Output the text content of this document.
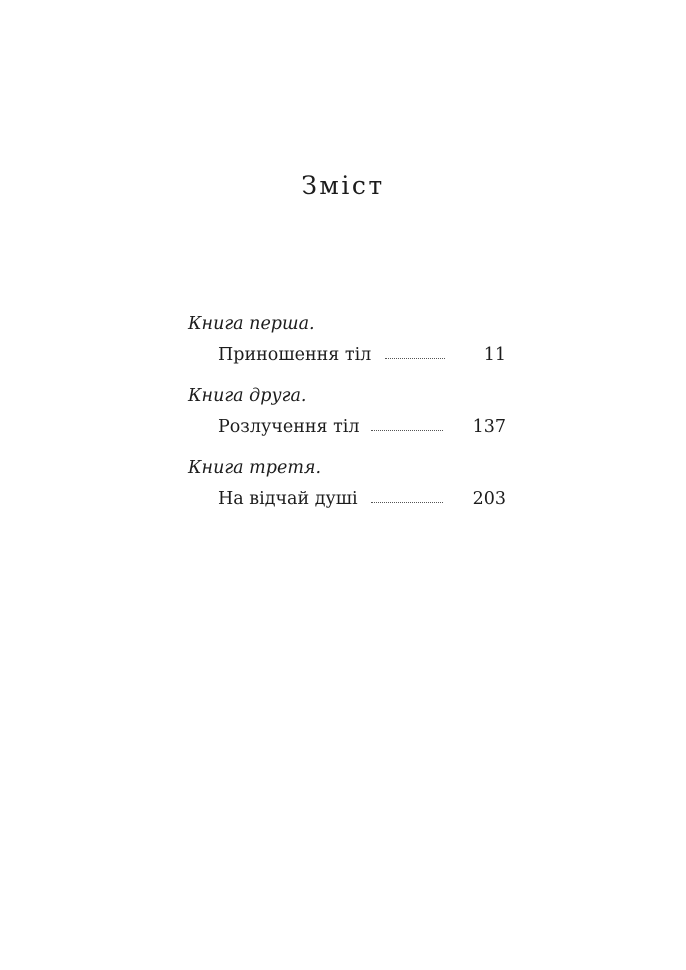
Зміст
Книга перша.
Приношення тіл	11
Книга друга.
Розлучення тіл	137
Книга третя.
На відчай душі	203
